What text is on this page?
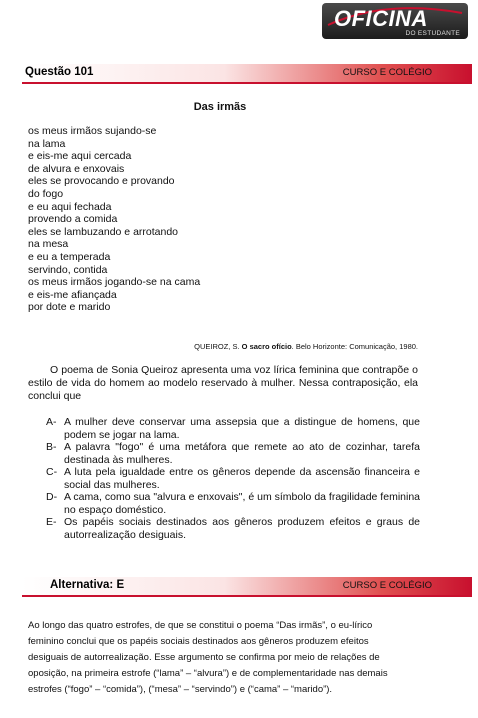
OFICINA
DO ESTUDANTE
Questão 101	CURSO E COLÉGIO
Das irmãs
os meus irmãos sujando-se
na lama
e eis-me aqui cercada
de alvura e enxovais
eles se provocando e provando
do fogo
e eu aqui fechada
provendo a comida
eles se lambuzando e arrotando
na mesa
e eu a temperada
servindo, contida
os meus irmãos jogando-se na cama
e eis-me afiançada
por dote e marido
QUEIROZ, S. O sacro ofício. Belo Horizonte: Comunicação, 1980.
O poema de Sonia Queiroz apresenta uma voz lírica feminina que contrapõe o estilo de vida do homem ao modelo reservado à mulher. Nessa contraposição, ela conclui que
A- A mulher deve conservar uma assepsia que a distingue de homens, que podem se jogar na lama.
B- A palavra "fogo" é uma metáfora que remete ao ato de cozinhar, tarefa destinada às mulheres.
C- A luta pela igualdade entre os gêneros depende da ascensão financeira e social das mulheres.
D- A cama, como sua "alvura e enxovais", é um símbolo da fragilidade feminina no espaço doméstico.
E- Os papéis sociais destinados aos gêneros produzem efeitos e graus de autorrealização desiguais.
Alternativa: E	CURSO E COLÉGIO
Ao longo das quatro estrofes, de que se constitui o poema “Das irmãs”, o eu-lírico feminino conclui que os papéis sociais destinados aos gêneros produzem efeitos desiguais de autorrealização. Esse argumento se confirma por meio de relações de oposição, na primeira estrofe (“lama” – “alvura”) e de complementaridade nas demais estrofes (“fogo” – “comida”), (“mesa” – “servindo”) e (“cama” – “marido”).
